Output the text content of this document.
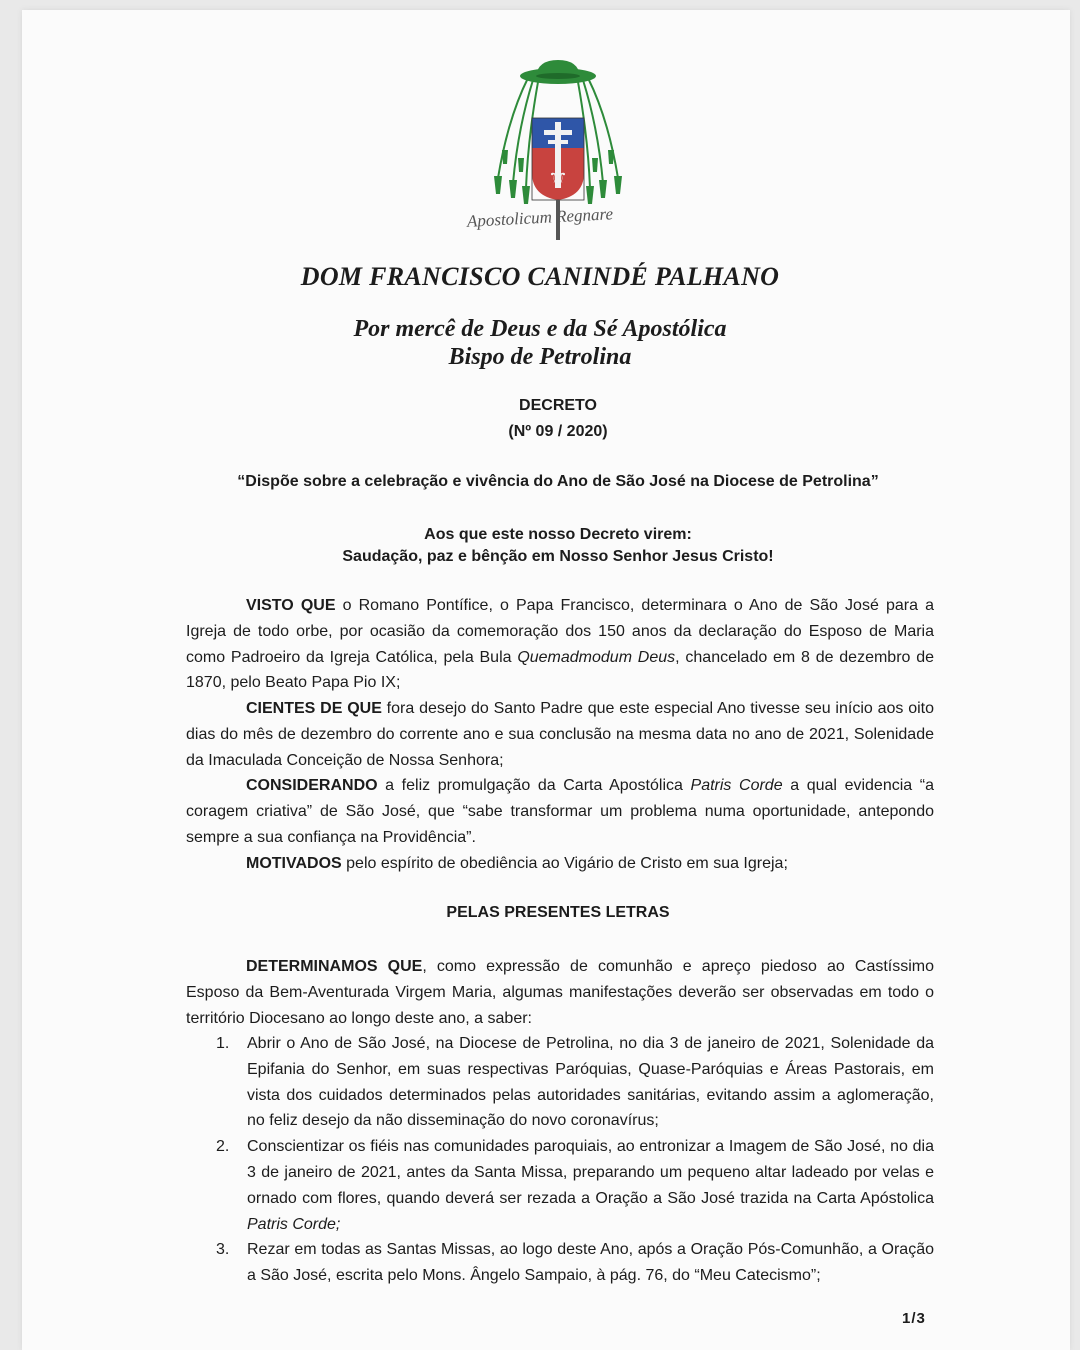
⚜
Apostolicum Regnare
DOM FRANCISCO CANINDÉ PALHANO
Por mercê de Deus e da Sé Apostólica
Bispo de Petrolina
DECRETO
(Nº 09 / 2020)
“Dispõe sobre a celebração e vivência do Ano de São José na Diocese de Petrolina”
Aos que este nosso Decreto virem:
Saudação, paz e bênção em Nosso Senhor Jesus Cristo!
VISTO QUE o Romano Pontífice, o Papa Francisco, determinara o Ano de São José para a Igreja de todo orbe, por ocasião da comemoração dos 150 anos da declaração do Esposo de Maria como Padroeiro da Igreja Católica, pela Bula Quemadmodum Deus, chancelado em 8 de dezembro de 1870, pelo Beato Papa Pio IX;
CIENTES DE QUE fora desejo do Santo Padre que este especial Ano tivesse seu início aos oito dias do mês de dezembro do corrente ano e sua conclusão na mesma data no ano de 2021, Solenidade da Imaculada Conceição de Nossa Senhora;
CONSIDERANDO a feliz promulgação da Carta Apostólica Patris Corde a qual evidencia “a coragem criativa” de São José, que “sabe transformar um problema numa oportunidade, antepondo sempre a sua confiança na Providência”.
MOTIVADOS pelo espírito de obediência ao Vigário de Cristo em sua Igreja;
PELAS PRESENTES LETRAS
DETERMINAMOS QUE, como expressão de comunhão e apreço piedoso ao Castíssimo Esposo da Bem-Aventurada Virgem Maria, algumas manifestações deverão ser observadas em todo o território Diocesano ao longo deste ano, a saber:
1. Abrir o Ano de São José, na Diocese de Petrolina, no dia 3 de janeiro de 2021, Solenidade da Epifania do Senhor, em suas respectivas Paróquias, Quase-Paróquias e Áreas Pastorais, em vista dos cuidados determinados pelas autoridades sanitárias, evitando assim a aglomeração, no feliz desejo da não disseminação do novo coronavírus;
2. Conscientizar os fiéis nas comunidades paroquiais, ao entronizar a Imagem de São José, no dia 3 de janeiro de 2021, antes da Santa Missa, preparando um pequeno altar ladeado por velas e ornado com flores, quando deverá ser rezada a Oração a São José trazida na Carta Apóstolica Patris Corde;
3. Rezar em todas as Santas Missas, ao logo deste Ano, após a Oração Pós-Comunhão, a Oração a São José, escrita pelo Mons. Ângelo Sampaio, à pág. 76, do “Meu Catecismo”;
1/3
